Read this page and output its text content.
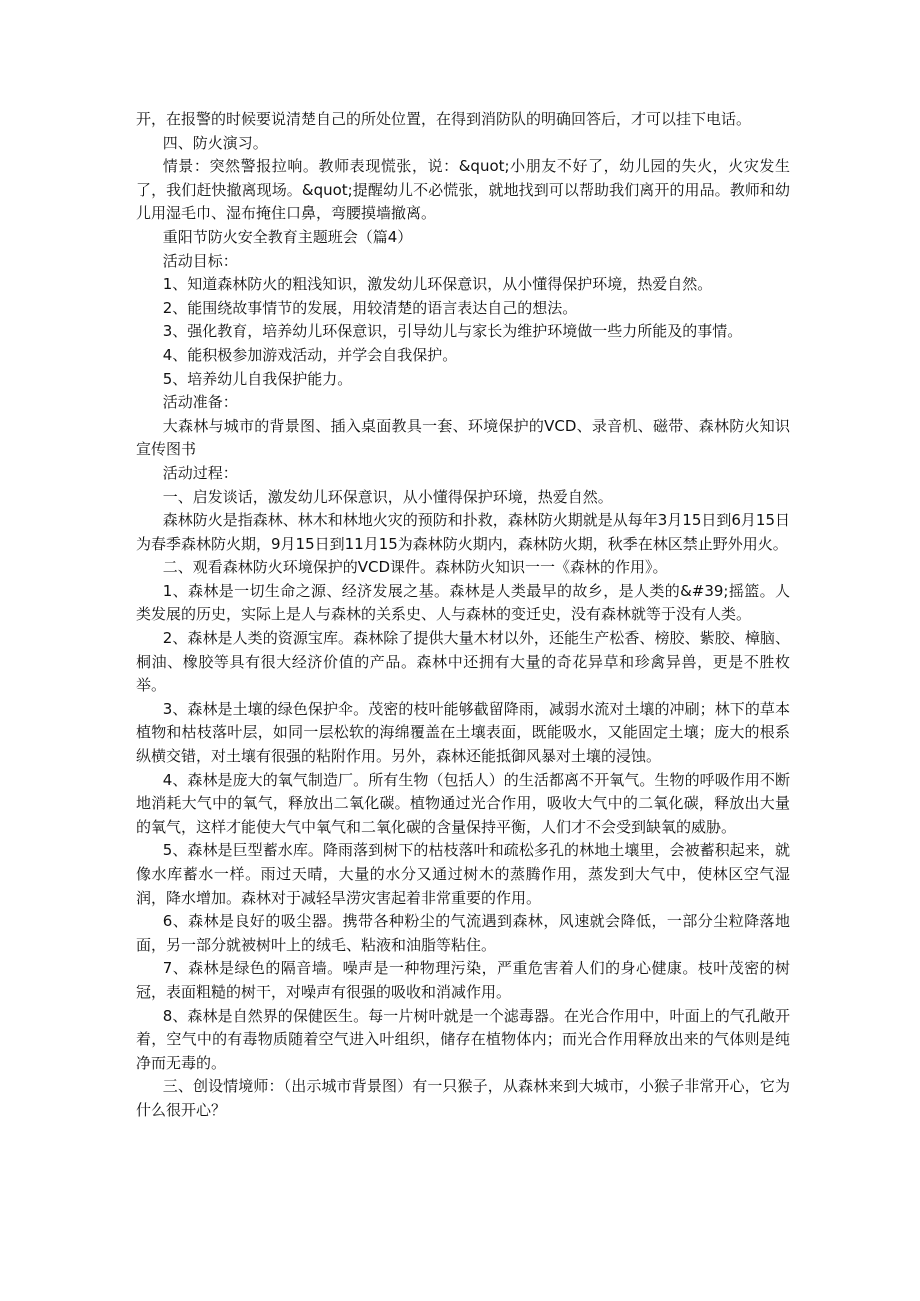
开，在报警的时候要说清楚自己的所处位置，在得到消防队的明确回答后，才可以挂下电话。

四、防火演习。

情景：突然警报拉响。教师表现慌张，说：&quot;小朋友不好了，幼儿园的失火，火灾发生了，我们赶快撤离现场。&quot;提醒幼儿不必慌张，就地找到可以帮助我们离开的用品。教师和幼儿用湿毛巾、湿布掩住口鼻，弯腰摸墙撤离。

重阳节防火安全教育主题班会（篇4）

活动目标：

1、知道森林防火的粗浅知识，激发幼儿环保意识，从小懂得保护环境，热爱自然。

2、能围绕故事情节的发展，用较清楚的语言表达自己的想法。

3、强化教育，培养幼儿环保意识，引导幼儿与家长为维护环境做一些力所能及的事情。

4、能积极参加游戏活动，并学会自我保护。

5、培养幼儿自我保护能力。

活动准备：

大森林与城市的背景图、插入桌面教具一套、环境保护的VCD、录音机、磁带、森林防火知识宣传图书

活动过程：

一、启发谈话，激发幼儿环保意识，从小懂得保护环境，热爱自然。

森林防火是指森林、林木和林地火灾的预防和扑救，森林防火期就是从每年3月15日到6月15日为春季森林防火期，9月15日到11月15为森林防火期内，森林防火期，秋季在林区禁止野外用火。

二、观看森林防火环境保护的VCD课件。森林防火知识一一《森林的作用》。

1、森林是一切生命之源、经济发展之基。森林是人类最早的故乡，是人类的&#39;摇篮。人类发展的历史，实际上是人与森林的关系史、人与森林的变迁史，没有森林就等于没有人类。

2、森林是人类的资源宝库。森林除了提供大量木材以外，还能生产松香、榜胶、紫胶、樟脑、桐油、橡胶等具有很大经济价值的产品。森林中还拥有大量的奇花异草和珍禽异兽，更是不胜枚举。

3、森林是土壤的绿色保护伞。茂密的枝叶能够截留降雨，减弱水流对土壤的冲刷；林下的草本植物和枯枝落叶层，如同一层松软的海绵覆盖在土壤表面，既能吸水，又能固定土壤；庞大的根系纵横交错，对土壤有很强的粘附作用。另外，森林还能抵御风暴对土壤的浸蚀。

4、森林是庞大的氧气制造厂。所有生物（包括人）的生活都离不开氧气。生物的呼吸作用不断地消耗大气中的氧气，释放出二氧化碳。植物通过光合作用，吸收大气中的二氧化碳，释放出大量的氧气，这样才能使大气中氧气和二氧化碳的含量保持平衡，人们才不会受到缺氧的威胁。

5、森林是巨型蓄水库。降雨落到树下的枯枝落叶和疏松多孔的林地土壤里，会被蓄积起来，就像水库蓄水一样。雨过天晴，大量的水分又通过树木的蒸腾作用，蒸发到大气中，使林区空气湿润，降水增加。森林对于减轻旱涝灾害起着非常重要的作用。

6、森林是良好的吸尘器。携带各种粉尘的气流遇到森林，风速就会降低，一部分尘粒降落地面，另一部分就被树叶上的绒毛、粘液和油脂等粘住。

7、森林是绿色的隔音墙。噪声是一种物理污染，严重危害着人们的身心健康。枝叶茂密的树冠，表面粗糙的树干，对噪声有很强的吸收和消减作用。

8、森林是自然界的保健医生。每一片树叶就是一个滤毒器。在光合作用中，叶面上的气孔敞开着，空气中的有毒物质随着空气进入叶组织，储存在植物体内；而光合作用释放出来的气体则是纯净而无毒的。

三、创设情境师：（出示城市背景图）有一只猴子，从森林来到大城市，小猴子非常开心，它为什么很开心？
